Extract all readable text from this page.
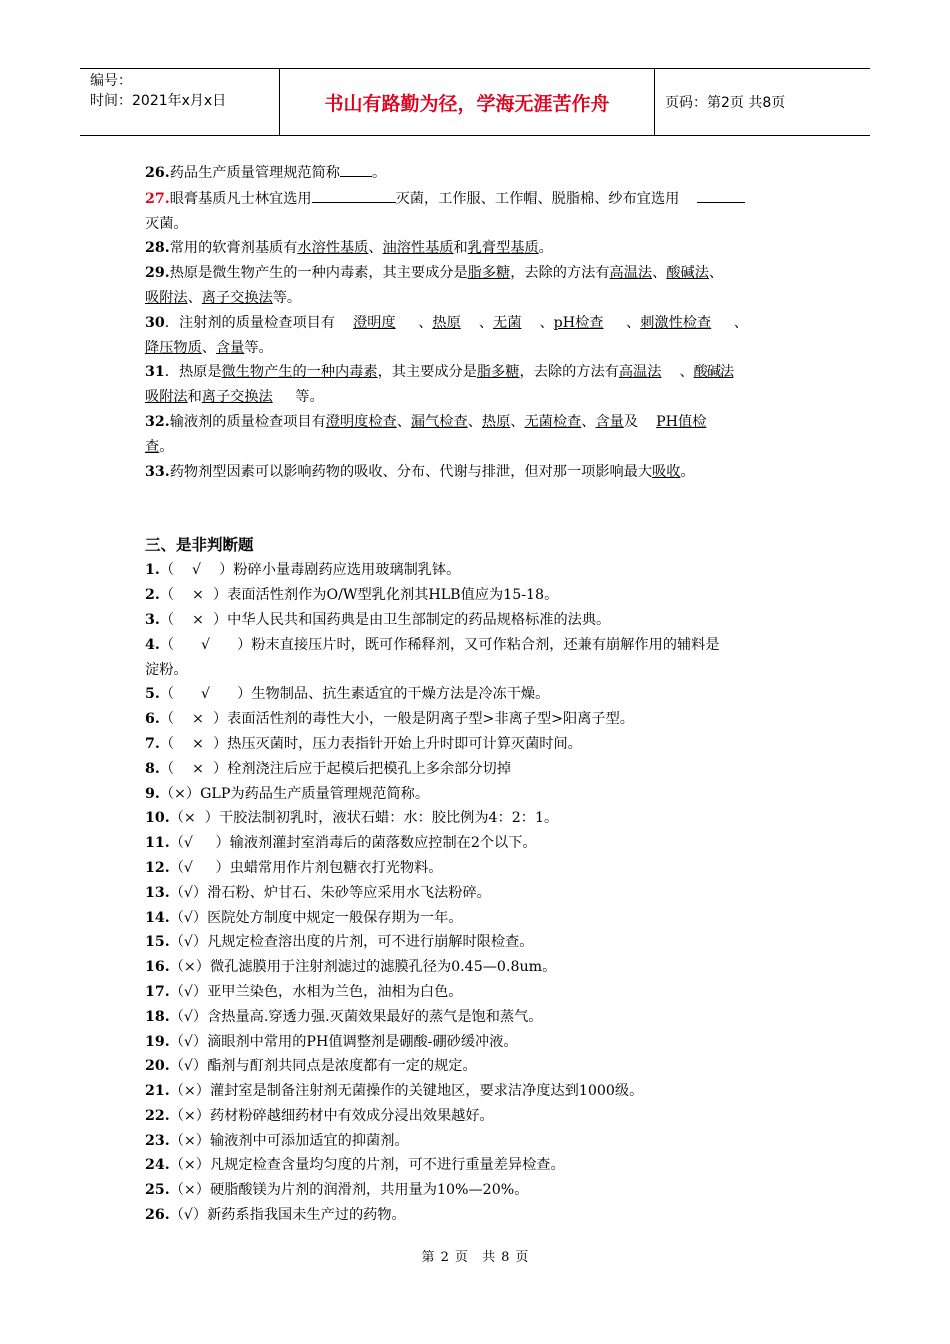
编号：
时间：2021年x月x日	书山有路勤为径，学海无涯苦作舟	页码：第2页 共8页
26.药品生产质量管理规范简称 。
27.眼膏基质凡士林宜选用	灭菌，工作服、工作帽、脱脂棉、纱布宜选用
灭菌。
28.常用的软膏剂基质有水溶性基质、油溶性基质和乳膏型基质。
29.热原是微生物产生的一种内毒素，其主要成分是脂多糖，去除的方法有高温法、酸碱法、
吸附法、离子交换法等。
30．注射剂的质量检查项目有 澄明度     、热原    、无菌    、pH检查     、刺激性检查     、
降压物质、含量等。
31．热原是微生物产生的一种内毒素，其主要成分是脂多糖，去除的方法有高温法    、酸碱法
吸附法和离子交换法 等。
32.输液剂的质量检查项目有澄明度检查、漏气检查、热原、无菌检查、含量及 PH值检
查。
33.药物剂型因素可以影响药物的吸收、分布、代谢与排泄，但对那一项影响最大吸收。
三、是非判断题
1.（    √    ）粉碎小量毒剧药应选用玻璃制乳钵。
2.（    ×  ）表面活性剂作为O/W型乳化剂其HLB值应为15-18。
3.（    ×  ）中华人民共和国药典是由卫生部制定的药品规格标准的法典。
4.（      √      ）粉末直接压片时，既可作稀释剂，又可作粘合剂，还兼有崩解作用的辅料是
淀粉。
5.（      √      ）生物制品、抗生素适宜的干燥方法是冷冻干燥。
6.（    ×  ）表面活性剂的毒性大小，一般是阴离子型>非离子型>阳离子型。
7.（    ×  ）热压灭菌时，压力表指针开始上升时即可计算灭菌时间。
8.（    ×  ）栓剂浇注后应于起模后把模孔上多余部分切掉
9.（×）GLP为药品生产质量管理规范简称。
10.（×  ）干胶法制初乳时，液状石蜡：水：胶比例为4：2：1。
11.（√     ）输液剂灌封室消毒后的菌落数应控制在2个以下。
12.（√     ）虫蜡常用作片剂包糖衣打光物料。
13.（√）滑石粉、炉甘石、朱砂等应采用水飞法粉碎。
14.（√）医院处方制度中规定一般保存期为一年。
15.（√）凡规定检查溶出度的片剂，可不进行崩解时限检查。
16.（×）微孔滤膜用于注射剂滤过的滤膜孔径为0.45—0.8um。
17.（√）亚甲兰染色，水相为兰色，油相为白色。
18.（√）含热量高.穿透力强.灭菌效果最好的蒸气是饱和蒸气。
19.（√）滴眼剂中常用的PH值调整剂是硼酸-硼砂缓冲液。
20.（√）酯剂与酊剂共同点是浓度都有一定的规定。
21.（×）灌封室是制备注射剂无菌操作的关键地区，要求洁净度达到1000级。
22.（×）药材粉碎越细药材中有效成分浸出效果越好。
23.（×）输液剂中可添加适宜的抑菌剂。
24.（×）凡规定检查含量均匀度的片剂，可不进行重量差异检查。
25.（×）硬脂酸镁为片剂的润滑剂，共用量为10%—20%。
26.（√）新药系指我国未生产过的药物。
第 2 页 共 8 页
